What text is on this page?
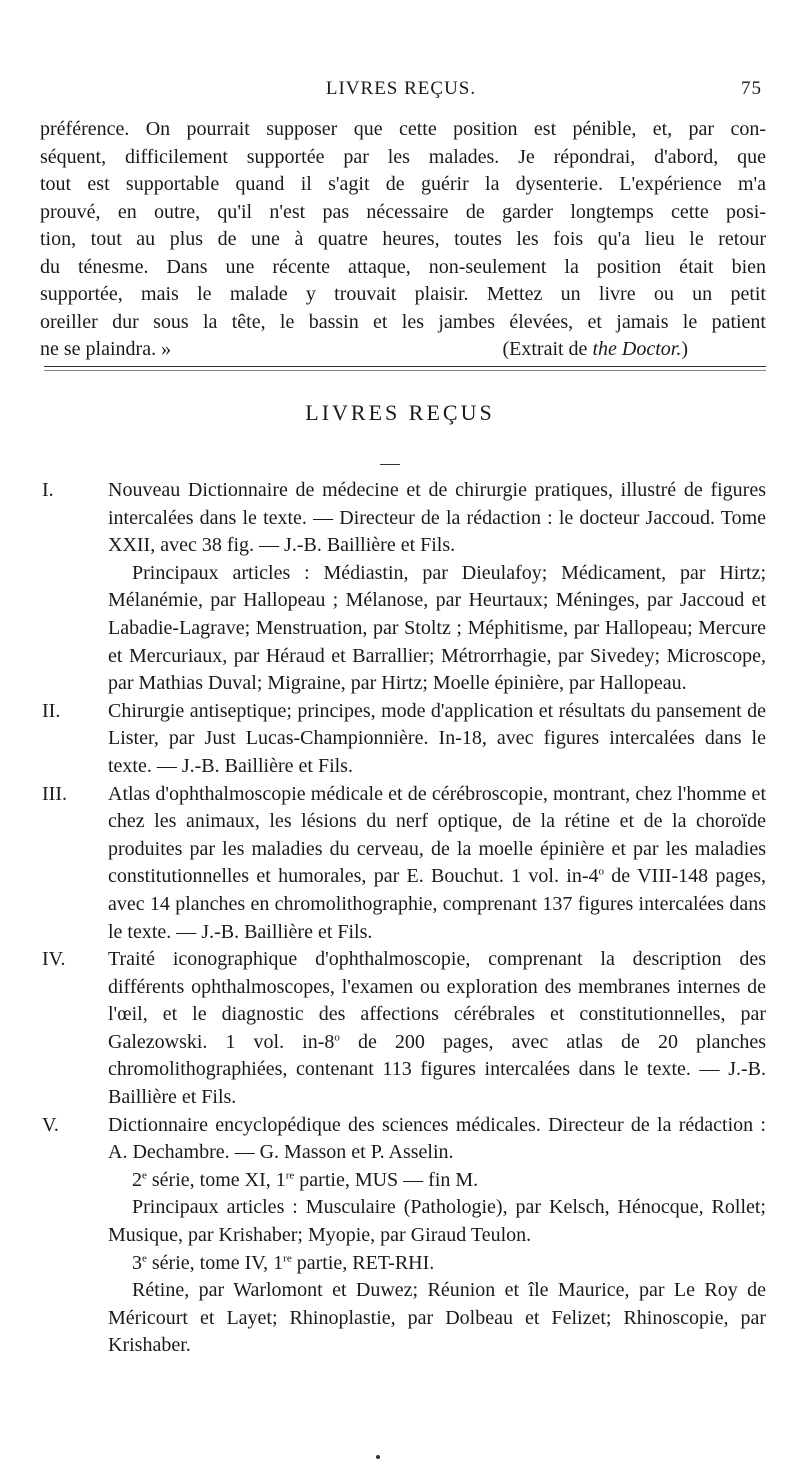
LIVRES REÇUS.	75
préférence. On pourrait supposer que cette position est pénible, et, par con-
séquent, difficilement supportée par les malades. Je répondrai, d'abord, que
tout est supportable quand il s'agit de guérir la dysenterie. L'expérience m'a
prouvé, en outre, qu'il n'est pas nécessaire de garder longtemps cette posi-
tion, tout au plus de une à quatre heures, toutes les fois qu'a lieu le retour
du ténesme. Dans une récente attaque, non-seulement la position était bien
supportée, mais le malade y trouvait plaisir. Mettez un livre ou un petit
oreiller dur sous la tête, le bassin et les jambes élevées, et jamais le patient
ne se plaindra. »	(Extrait de the Doctor.)
LIVRES REÇUS
I.	Nouveau Dictionnaire de médecine et de chirurgie pratiques, illustré de figures intercalées dans le texte. — Directeur de la rédaction : le docteur Jaccoud. Tome XXII, avec 38 fig. — J.-B. Baillière et Fils.

Principaux articles : Médiastin, par Dieulafoy; Médicament, par Hirtz; Mélanémie, par Hallopeau ; Mélanose, par Heurtaux; Méninges, par Jaccoud et Labadie-Lagrave; Menstruation, par Stoltz ; Méphitisme, par Hallopeau; Mercure et Mercuriaux, par Héraud et Barrallier; Métrorrhagie, par Sivedey; Microscope, par Mathias Duval; Migraine, par Hirtz; Moelle épinière, par Hallopeau.

II.	Chirurgie antiseptique; principes, mode d'application et résultats du pansement de Lister, par Just Lucas-Championnière. In-18, avec figures intercalées dans le texte. — J.-B. Baillière et Fils.

III.	Atlas d'ophthalmoscopie médicale et de cérébroscopie, montrant, chez l'homme et chez les animaux, les lésions du nerf optique, de la rétine et de la choroïde produites par les maladies du cerveau, de la moelle épinière et par les maladies constitutionnelles et humorales, par E. Bouchut. 1 vol. in-4$^o$ de VIII-148 pages, avec 14 planches en chromolithographie, comprenant 137 figures intercalées dans le texte. — J.-B. Baillière et Fils.

IV.	Traité iconographique d'ophthalmoscopie, comprenant la description des différents ophthalmoscopes, l'examen ou exploration des membranes internes de l'œil, et le diagnostic des affections cérébrales et constitutionnelles, par Galezowski. 1 vol. in-8$^o$ de 200 pages, avec atlas de 20 planches chromolithographiées, contenant 113 figures intercalées dans le texte. — J.-B. Baillière et Fils.

V.	Dictionnaire encyclopédique des sciences médicales. Directeur de la rédaction : A. Dechambre. — G. Masson et P. Asselin.

2e série, tome XI, 1re partie, MUS — fin M.

Principaux articles : Musculaire (Pathologie), par Kelsch, Hénocque, Rollet; Musique, par Krishaber; Myopie, par Giraud Teulon.

3e série, tome IV, 1re partie, RET-RHI.

Rétine, par Warlomont et Duwez; Réunion et île Maurice, par Le Roy de Méricourt et Layet; Rhinoplastie, par Dolbeau et Felizet; Rhinoscopie, par Krishaber.
